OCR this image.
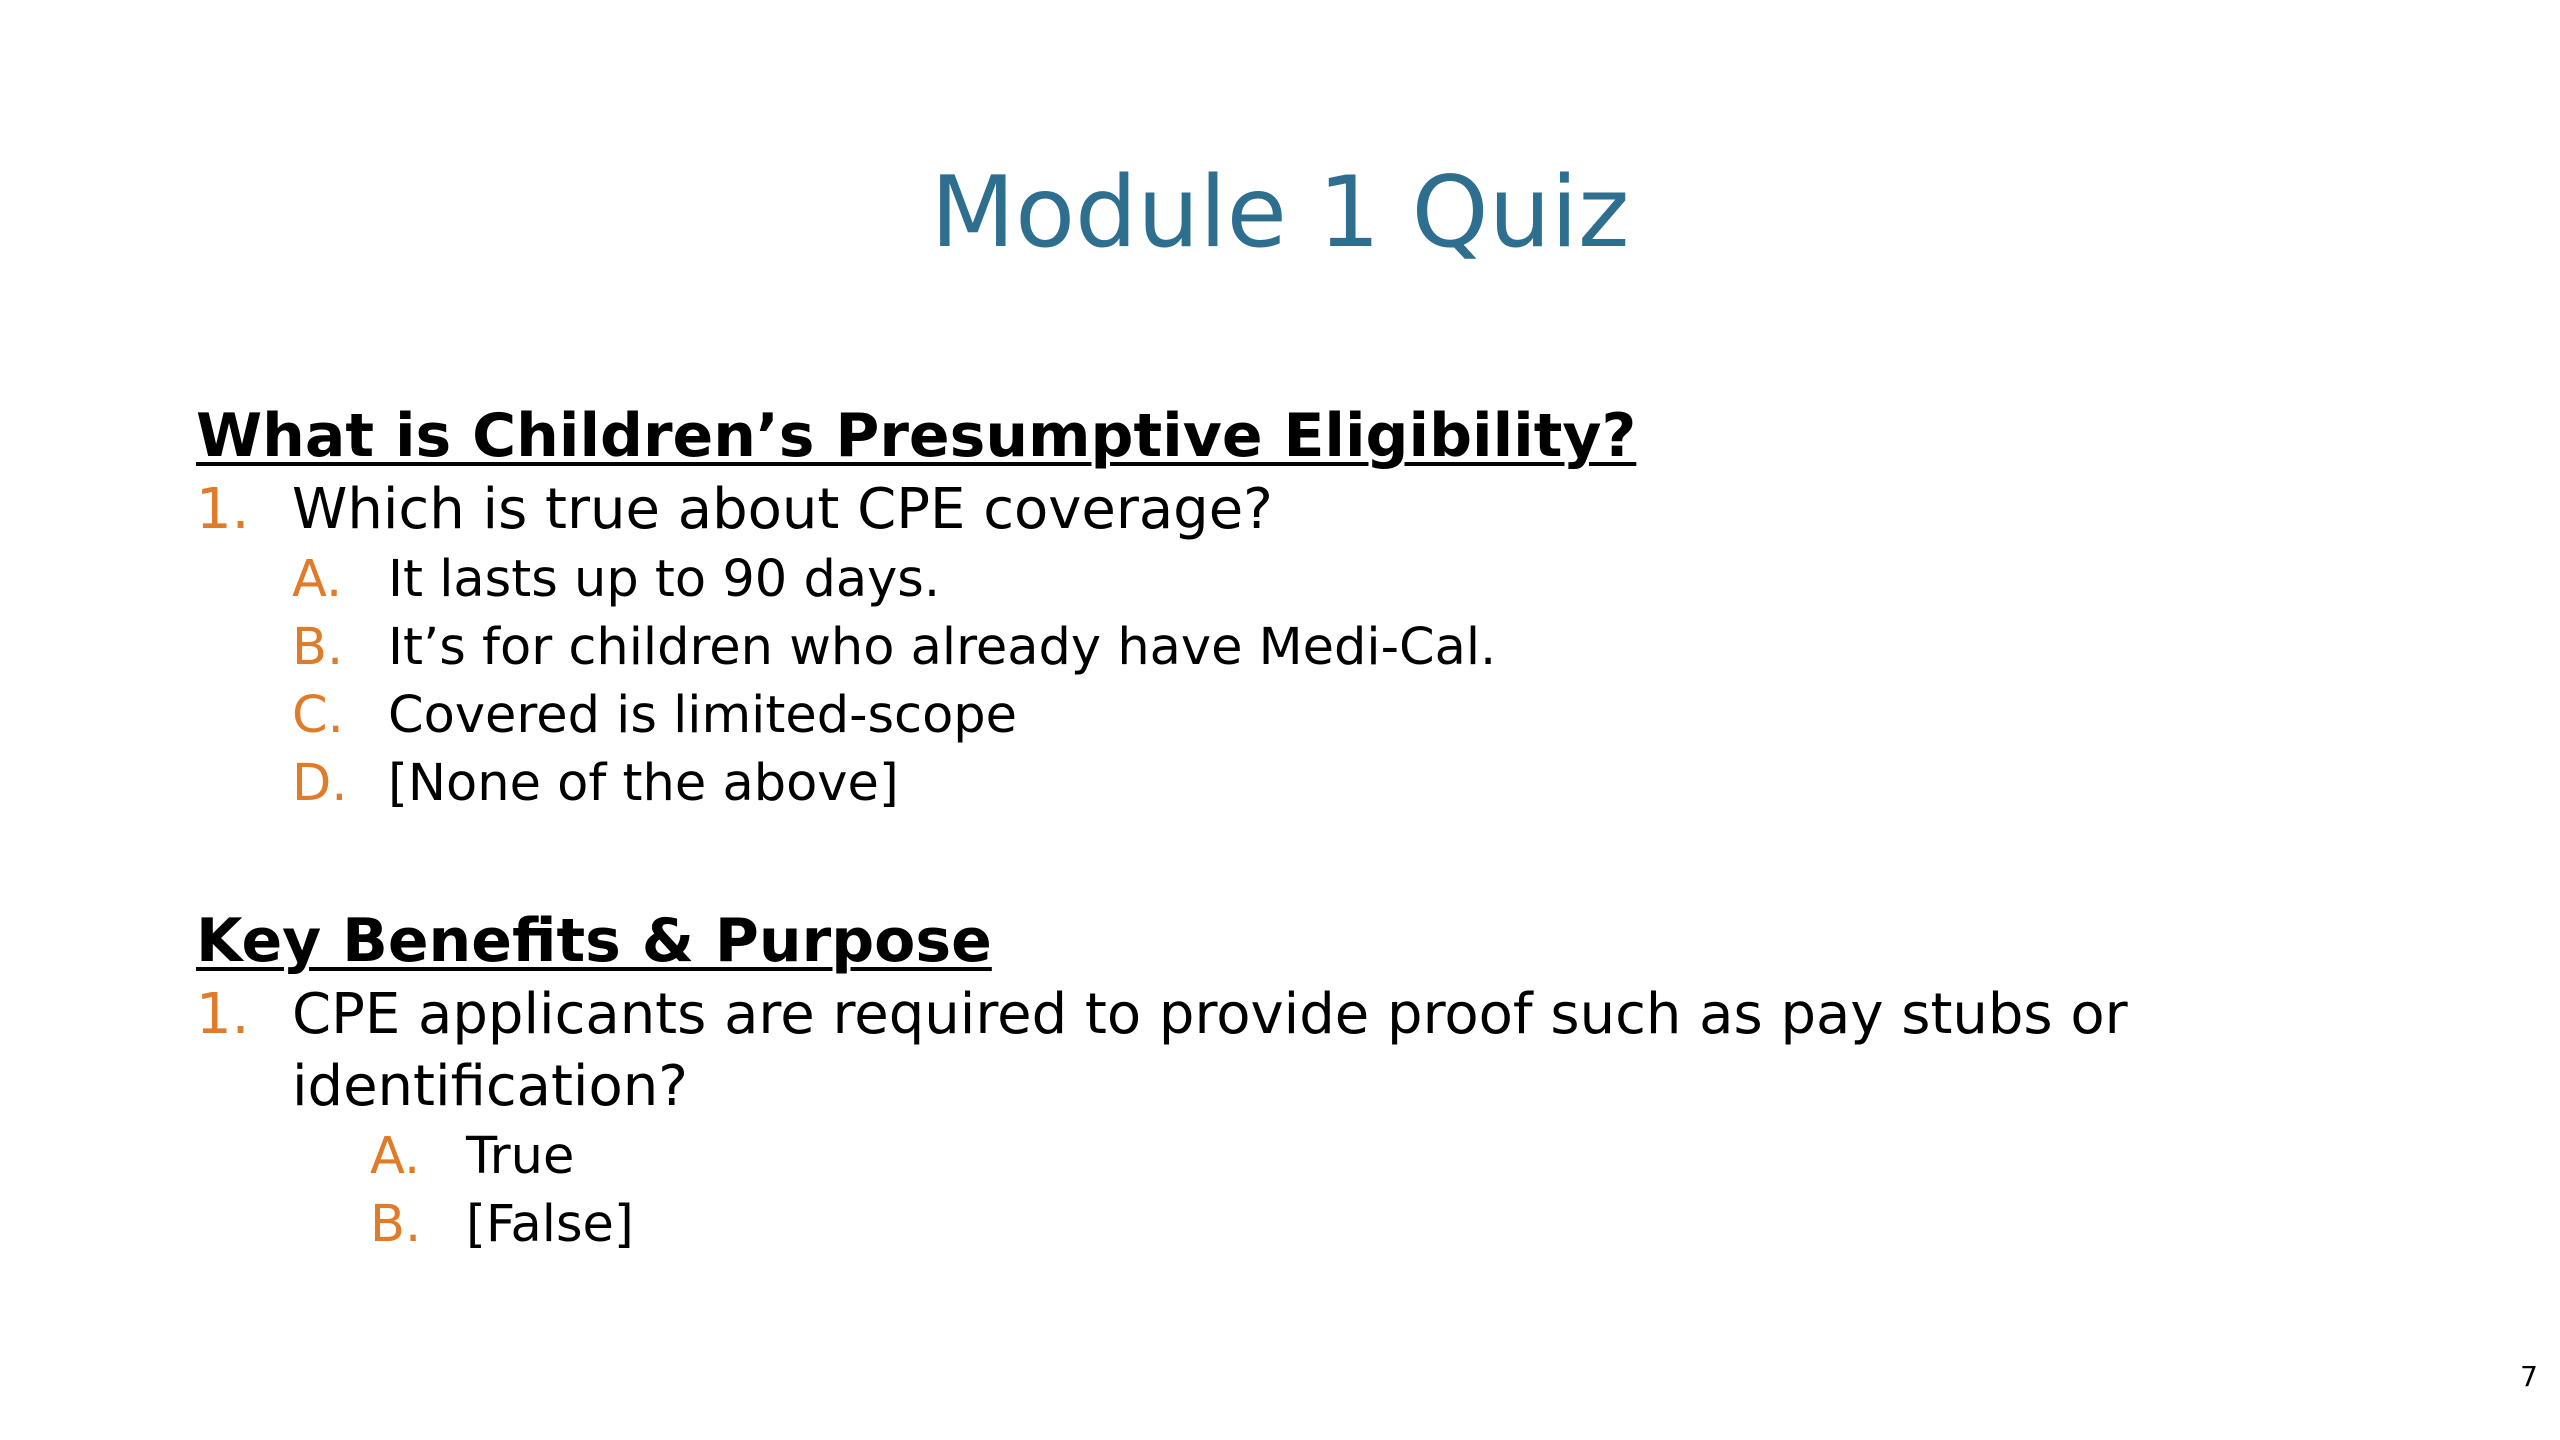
Module 1 Quiz
What is Children’s Presumptive Eligibility?
1. Which is true about CPE coverage?
A. It lasts up to 90 days.
B. It’s for children who already have Medi-Cal.
C. Covered is limited-scope
D. [None of the above]
Key Benefits & Purpose
1. CPE applicants are required to provide proof such as pay stubs or identification?
A. True
B. [False]
7
